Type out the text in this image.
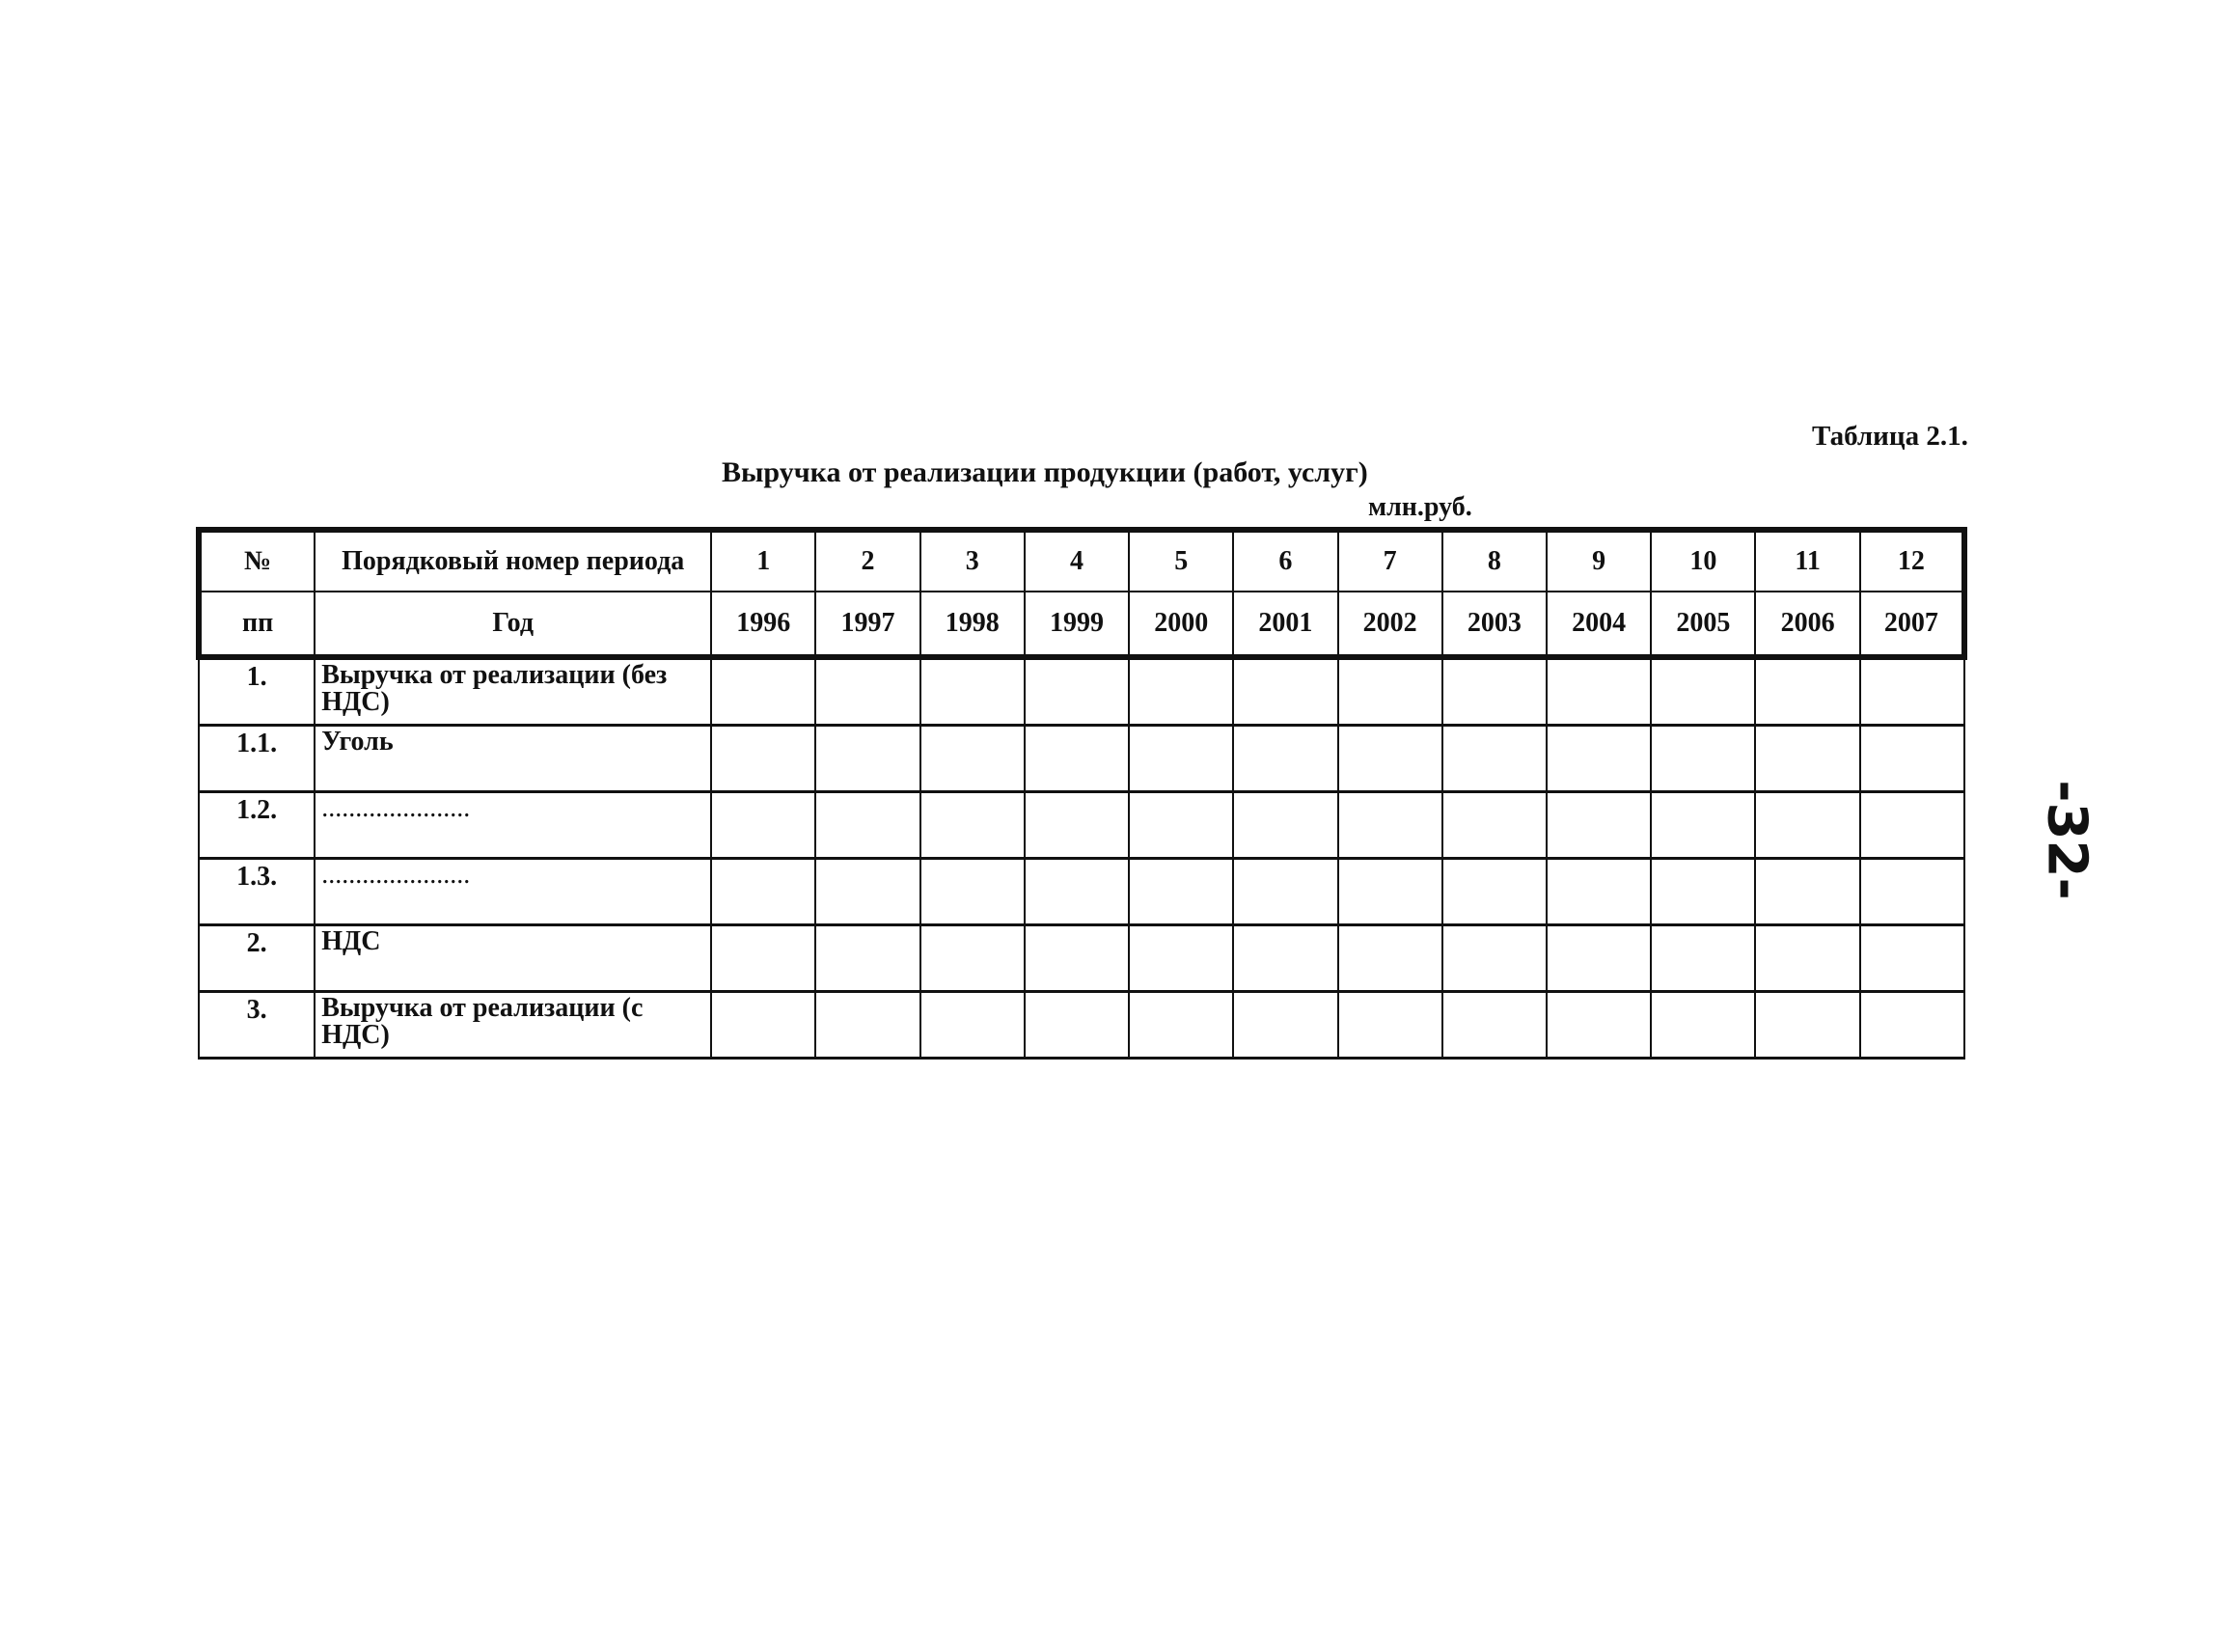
Таблица 2.1.
Выручка от реализации продукции (работ, услуг)
млн.руб.
-32-
№	Порядковый номер периода	1	2	3	4	5	6	7	8	9	10	11	12
пп	Год	1996	1997	1998	1999	2000	2001	2002	2003	2004	2005	2006	2007
1.	Выручка от реализации (без НДС)												
1.1.	Уголь												
1.2.	......................												
1.3.	......................												
2.	НДС												
3.	Выручка от реализации (с НДС)												
